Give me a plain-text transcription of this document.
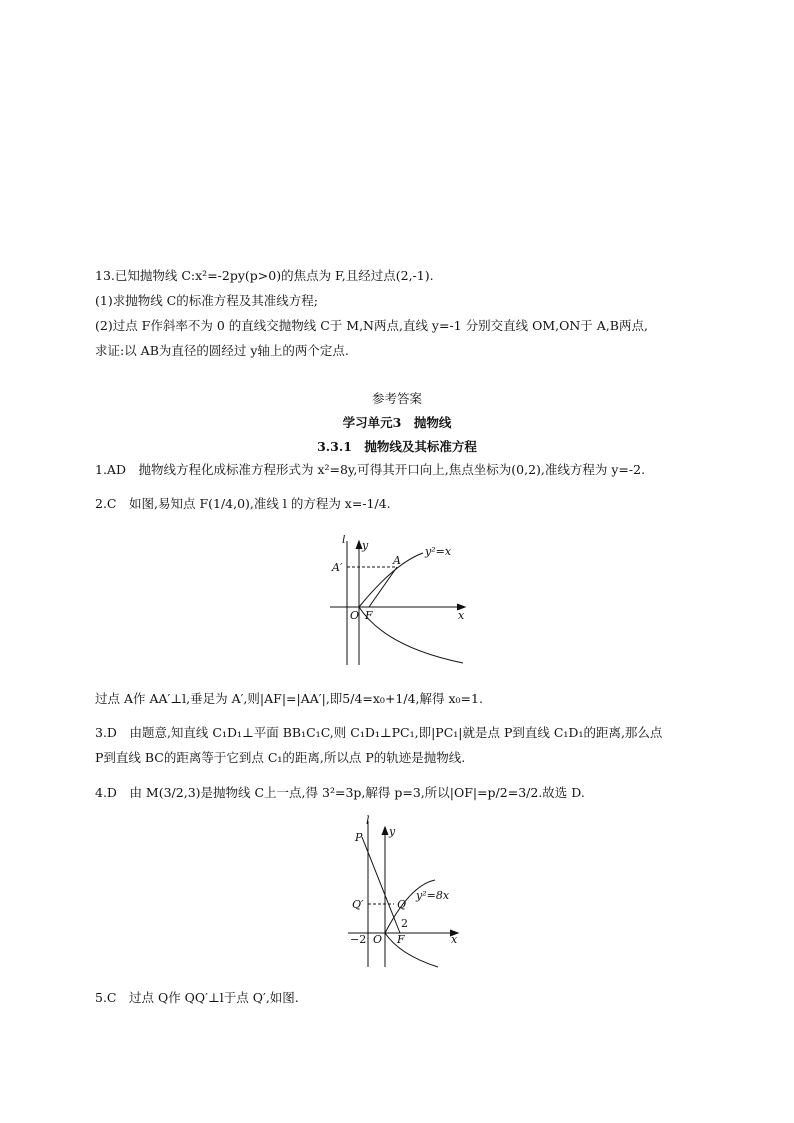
13.已知抛物线 C:x²=-2py(p>0)的焦点为 F,且经过点(2,-1).
(1)求抛物线 C的标准方程及其准线方程;
(2)过点 F作斜率不为 0 的直线交抛物线 C于 M,N两点,直线 y=-1 分别交直线 OM,ON于 A,B两点,
求证:以 AB为直径的圆经过 y轴上的两个定点.
参考答案
学习单元3　抛物线
3.3.1　抛物线及其标准方程
1.AD　抛物线方程化成标准方程形式为 x²=8y,可得其开口向上,焦点坐标为(0,2),准线方程为 y=-2.
2.C　如图,易知点 F(1/4,0),准线 l 的方程为 x=-1/4.
l y
x
A
A′
O F
y²=x
过点 A作 AA′⊥l,垂足为 A′,则|AF|=|AA′|,即5/4=x₀+1/4,解得 x₀=1.
3.D　由题意,知直线 C₁D₁⊥平面 BB₁C₁C,则 C₁D₁⊥PC₁,即|PC₁|就是点 P到直线 C₁D₁的距离,那么点
P到直线 BC的距离等于它到点 C₁的距离,所以点 P的轨迹是抛物线.
4.D　由 M(3/2,3)是抛物线 C上一点,得 3²=3p,解得 p=3,所以|OF|=p/2=3/2.故选 D.
l
y
x
P
Q
Q′
O F
−2
2
y²=8x
5.C　过点 Q作 QQ′⊥l于点 Q′,如图.
